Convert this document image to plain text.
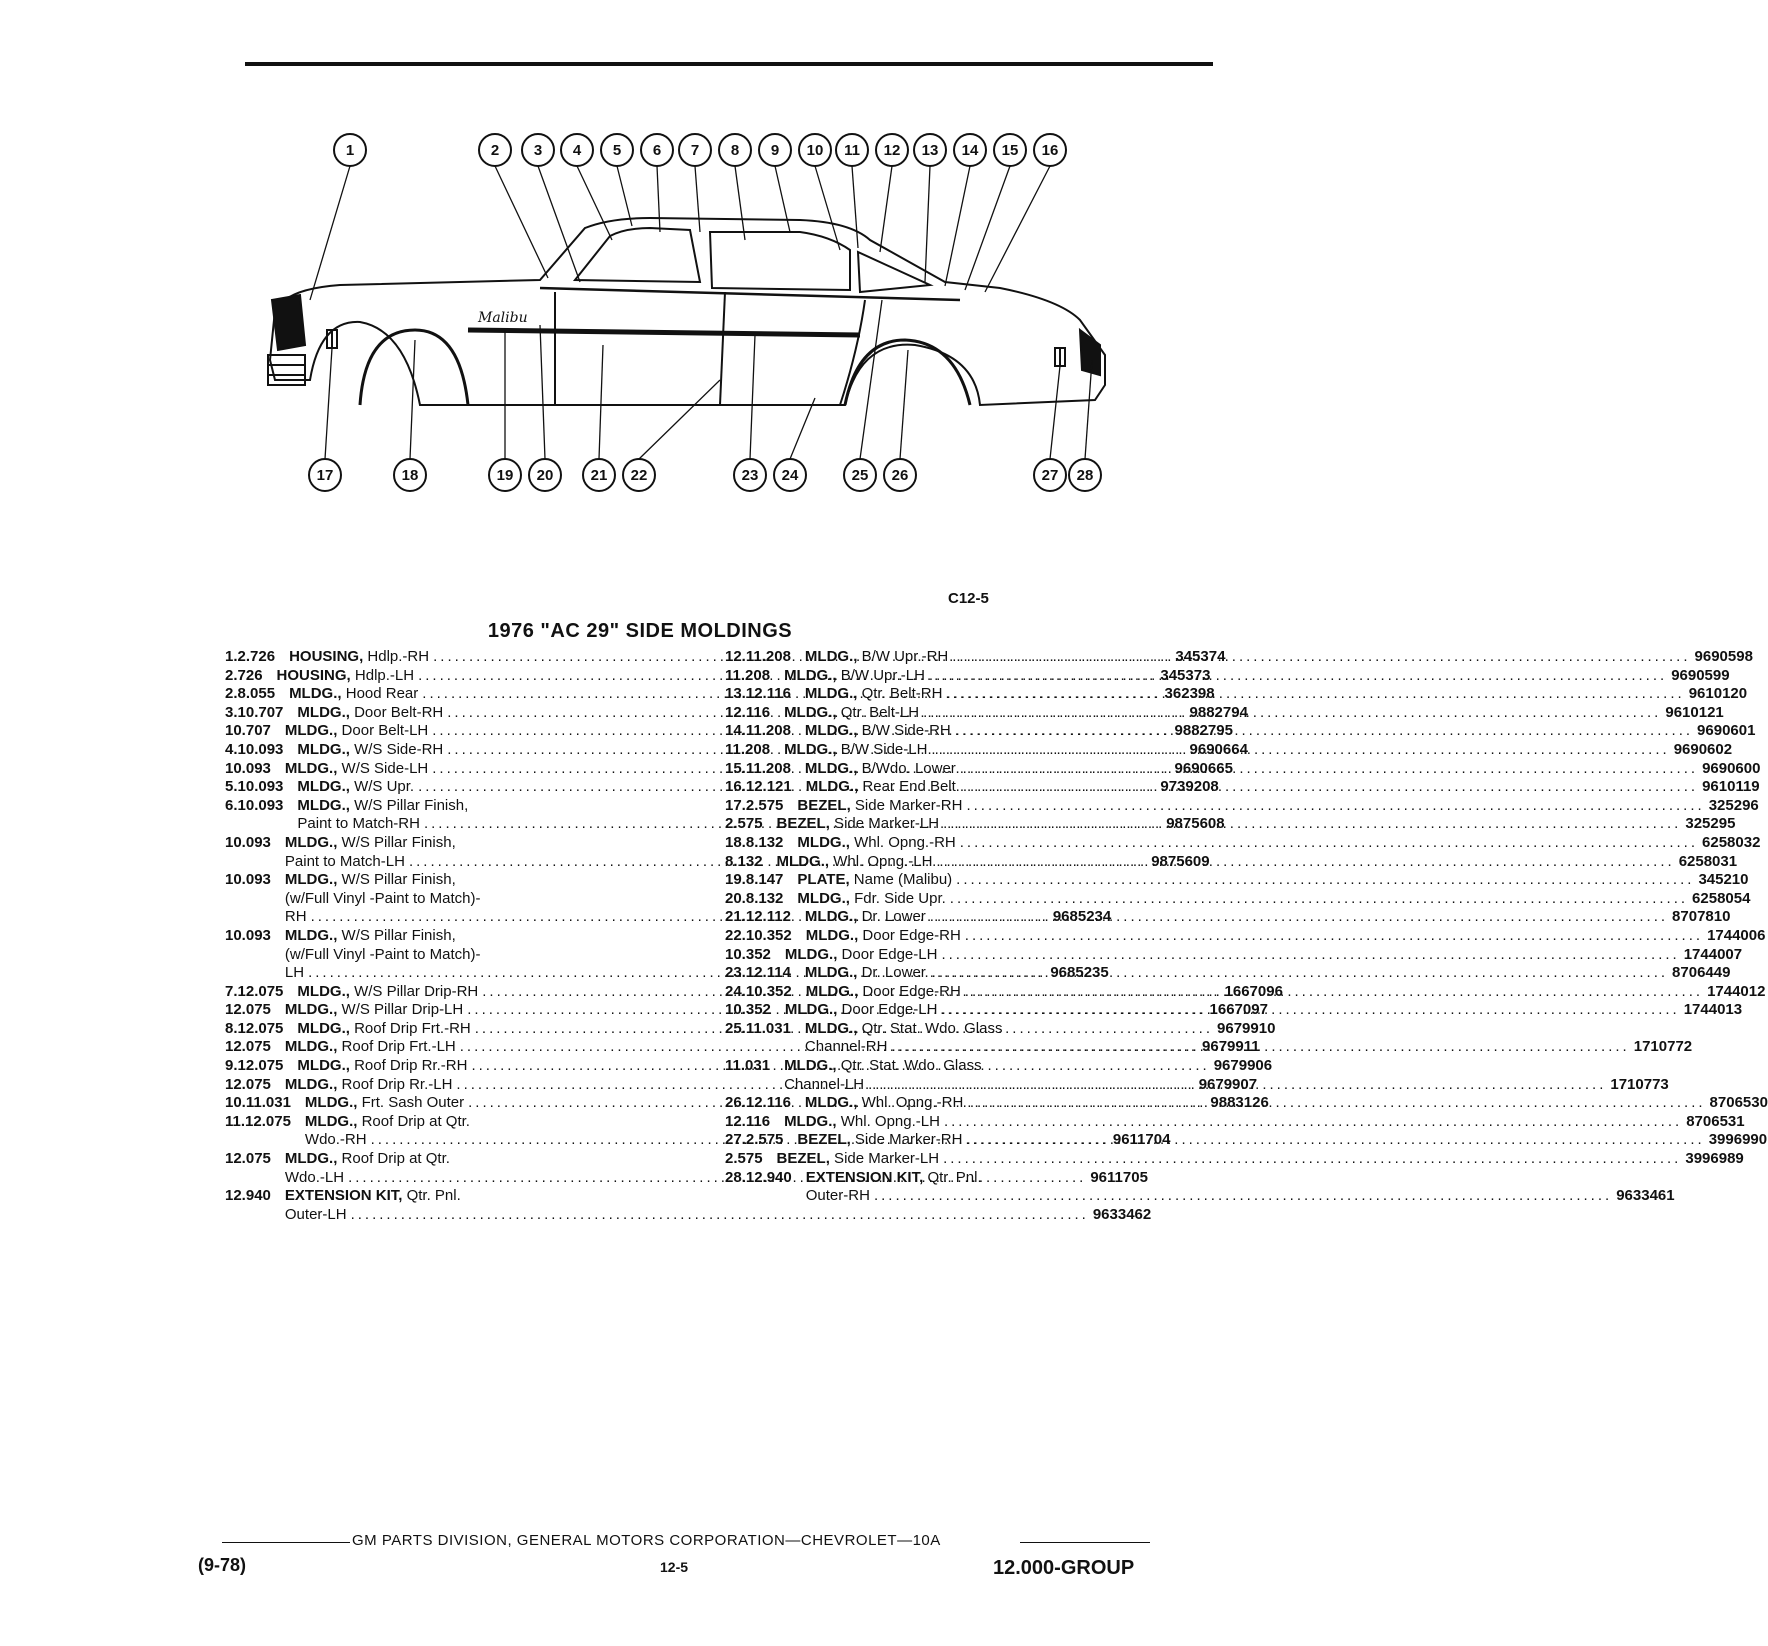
Malibu
1	2 3 4 5 6 7 8 9 10 11 12 13 14 15 16
17	18	19 20 21 22	23 24	25 26	27 28
C12-5
1976 "AC 29" SIDE MOLDINGS
1. 2.726 HOUSING, Hdlp.-RH .....	345374
2.726 HOUSING, Hdlp.-LH .....	345373
2. 8.055 MLDG., Hood Rear .....	362398
3. 10.707 MLDG., Door Belt-RH .....	9882794
10.707 MLDG., Door Belt-LH .....	9882795
4. 10.093 MLDG., W/S Side-RH .....	9690664
10.093 MLDG., W/S Side-LH .....	9690665
5. 10.093 MLDG., W/S Upr. .....	9739208
6. 10.093 MLDG., W/S Pillar Finish,
Paint to Match-RH .....	9875608
10.093 MLDG., W/S Pillar Finish,
Paint to Match-LH .....	9875609
10.093 MLDG., W/S Pillar Finish,
(w/Full Vinyl -Paint to Match)-
RH .....	9685234
10.093 MLDG., W/S Pillar Finish,
(w/Full Vinyl -Paint to Match)-
LH .....	9685235
7. 12.075 MLDG., W/S Pillar Drip-RH .....	1667096
12.075 MLDG., W/S Pillar Drip-LH .....	1667097
8. 12.075 MLDG., Roof Drip Frt.-RH .....	9679910
12.075 MLDG., Roof Drip Frt.-LH .....	9679911
9. 12.075 MLDG., Roof Drip Rr.-RH .....	9679906
12.075 MLDG., Roof Drip Rr.-LH .....	9679907
10. 11.031 MLDG., Frt. Sash Outer .....	9883126
11. 12.075 MLDG., Roof Drip at Qtr.
Wdo.-RH .....	9611704
12.075 MLDG., Roof Drip at Qtr.
Wdo.-LH .....	9611705
12.940 EXTENSION KIT, Qtr. Pnl.
Outer-LH .....	9633462
12. 11.208 MLDG., B/W Upr.-RH .....	9690598
11.208 MLDG., B/W Upr.-LH .....	9690599
13. 12.116 MLDG., Qtr. Belt-RH .....	9610120
12.116 MLDG., Qtr. Belt-LH .....	9610121
14. 11.208 MLDG., B/W Side-RH .....	9690601
11.208 MLDG., B/W Side-LH .....	9690602
15. 11.208 MLDG., B/Wdo. Lower .....	9690600
16. 12.121 MLDG., Rear End Belt .....	9610119
17. 2.575 BEZEL, Side Marker-RH .....	325296
2.575 BEZEL, Side Marker-LH .....	325295
18. 8.132 MLDG., Whl. Opng.-RH .....	6258032
8.132 MLDG., Whl. Opng.-LH .....	6258031
19. 8.147 PLATE, Name (Malibu) .....	345210
20. 8.132 MLDG., Fdr. Side Upr. .....	6258054
21. 12.112 MLDG., Dr. Lower .....	8707810
22. 10.352 MLDG., Door Edge-RH .....	1744006
10.352 MLDG., Door Edge-LH .....	1744007
23. 12.114 MLDG., Dr. Lower .....	8706449
24. 10.352 MLDG., Door Edge-RH .....	1744012
10.352 MLDG., Door Edge-LH .....	1744013
25. 11.031 MLDG., Qtr. Stat. Wdo. Glass
Channel-RH .....	1710772
11.031 MLDG., Qtr. Stat. Wdo. Glass
Channel-LH .....	1710773
26. 12.116 MLDG., Whl. Opng.-RH .....	8706530
12.116 MLDG., Whl. Opng.-LH .....	8706531
27. 2.575 BEZEL, Side Marker-RH .....	3996990
2.575 BEZEL, Side Marker-LH .....	3996989
28. 12.940 EXTENSION KIT, Qtr. Pnl.
Outer-RH .....	9633461
GM PARTS DIVISION, GENERAL MOTORS CORPORATION—CHEVROLET—10A
(9-78)	12-5	12.000-GROUP
